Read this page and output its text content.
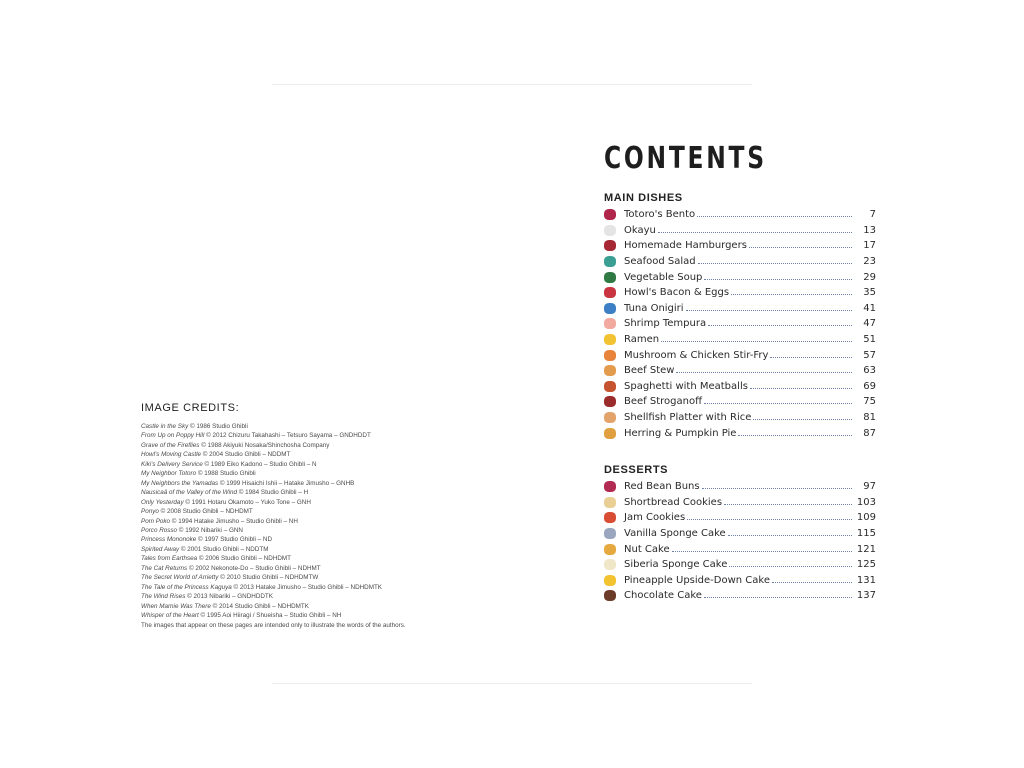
IMAGE CREDITS:
Castle in the Sky © 1986 Studio Ghibli
From Up on Poppy Hill © 2012 Chizuru Takahashi – Tetsuro Sayama – GNDHDDT
Grave of the Fireflies © 1988 Akiyuki Nosaka/Shinchosha Company
Howl's Moving Castle © 2004 Studio Ghibli – NDDMT
Kiki's Delivery Service © 1989 Eiko Kadono – Studio Ghibli – N
My Neighbor Totoro © 1988 Studio Ghibli
My Neighbors the Yamadas © 1999 Hisaichi Ishii – Hatake Jimusho – GNHB
Nausicaä of the Valley of the Wind © 1984 Studio Ghibli – H
Only Yesterday © 1991 Hotaru Okamoto – Yuko Tone – GNH
Ponyo © 2008 Studio Ghibli – NDHDMT
Pom Poko © 1994 Hatake Jimusho – Studio Ghibli – NH
Porco Rosso © 1992 Nibariki – GNN
Princess Mononoke © 1997 Studio Ghibli – ND
Spirited Away © 2001 Studio Ghibli – NDDTM
Tales from Earthsea © 2006 Studio Ghibli – NDHDMT
The Cat Returns © 2002 Nekonote-Do – Studio Ghibli – NDHMT
The Secret World of Arrietty © 2010 Studio Ghibli – NDHDMTW
The Tale of the Princess Kaguya © 2013 Hatake Jimusho – Studio Ghibli – NDHDMTK
The Wind Rises © 2013 Nibariki – GNDHDDTK
When Marnie Was There © 2014 Studio Ghibli – NDHDMTK
Whisper of the Heart © 1995 Aoi Hiiragi / Shueisha – Studio Ghibli – NH
The images that appear on these pages are intended only to illustrate the words of the authors.
CONTENTS
MAIN DISHES
Totoro's Bento	7
Okayu	13
Homemade Hamburgers	17
Seafood Salad	23
Vegetable Soup	29
Howl's Bacon & Eggs	35
Tuna Onigiri	41
Shrimp Tempura	47
Ramen	51
Mushroom & Chicken Stir-Fry	57
Beef Stew	63
Spaghetti with Meatballs	69
Beef Stroganoff	75
Shellfish Platter with Rice	81
Herring & Pumpkin Pie	87
DESSERTS
Red Bean Buns	97
Shortbread Cookies	103
Jam Cookies	109
Vanilla Sponge Cake	115
Nut Cake	121
Siberia Sponge Cake	125
Pineapple Upside-Down Cake	131
Chocolate Cake	137
